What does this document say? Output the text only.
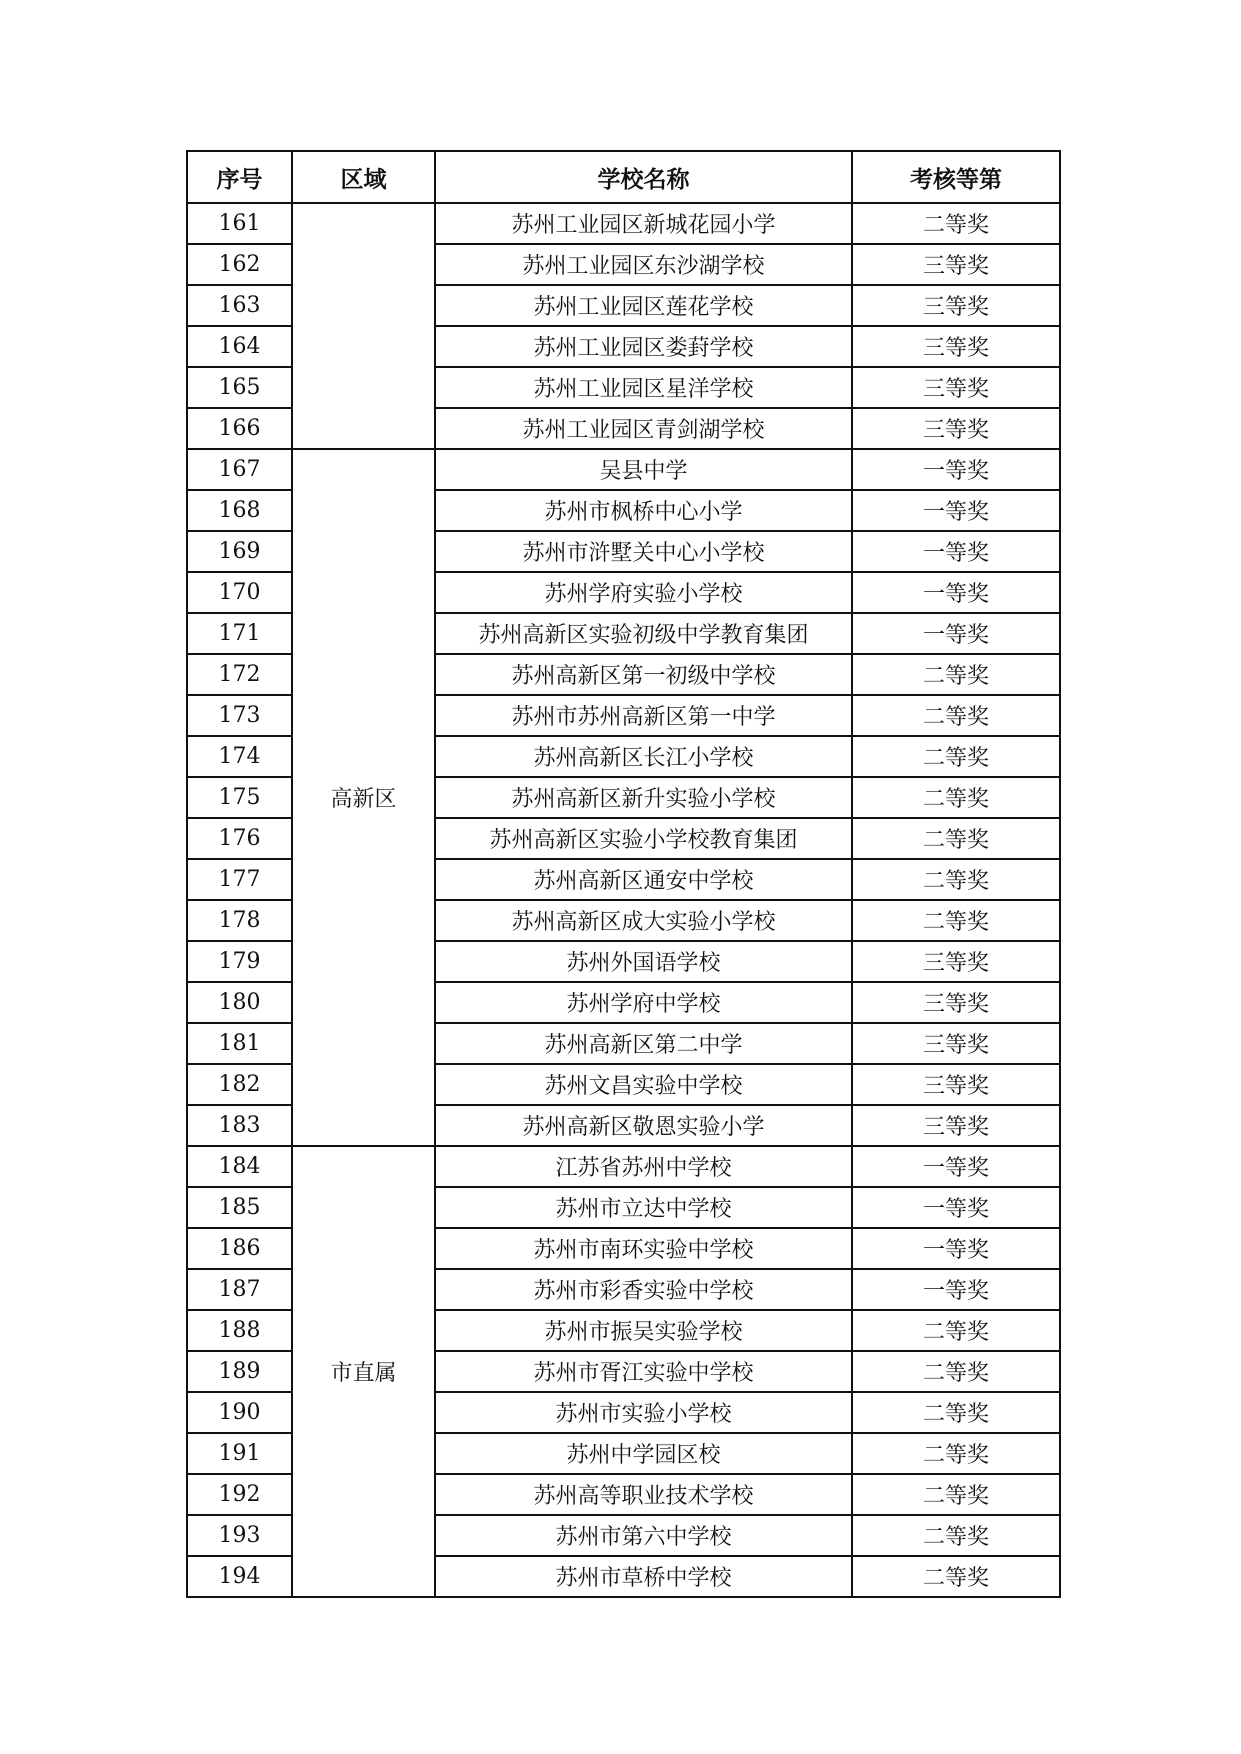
序号	区域	学校名称	考核等第
161		苏州工业园区新城花园小学	二等奖
162		苏州工业园区东沙湖学校	三等奖
163		苏州工业园区莲花学校	三等奖
164		苏州工业园区娄葑学校	三等奖
165		苏州工业园区星洋学校	三等奖
166		苏州工业园区青剑湖学校	三等奖
167	高新区	吴县中学	一等奖
168		苏州市枫桥中心小学	一等奖
169		苏州市浒墅关中心小学校	一等奖
170		苏州学府实验小学校	一等奖
171		苏州高新区实验初级中学教育集团	一等奖
172		苏州高新区第一初级中学校	二等奖
173		苏州市苏州高新区第一中学	二等奖
174		苏州高新区长江小学校	二等奖
175		苏州高新区新升实验小学校	二等奖
176		苏州高新区实验小学校教育集团	二等奖
177		苏州高新区通安中学校	二等奖
178		苏州高新区成大实验小学校	二等奖
179		苏州外国语学校	三等奖
180		苏州学府中学校	三等奖
181		苏州高新区第二中学	三等奖
182		苏州文昌实验中学校	三等奖
183		苏州高新区敬恩实验小学	三等奖
184	市直属	江苏省苏州中学校	一等奖
185		苏州市立达中学校	一等奖
186		苏州市南环实验中学校	一等奖
187		苏州市彩香实验中学校	一等奖
188		苏州市振吴实验学校	二等奖
189		苏州市胥江实验中学校	二等奖
190		苏州市实验小学校	二等奖
191		苏州中学园区校	二等奖
192		苏州高等职业技术学校	二等奖
193		苏州市第六中学校	二等奖
194		苏州市草桥中学校	二等奖
